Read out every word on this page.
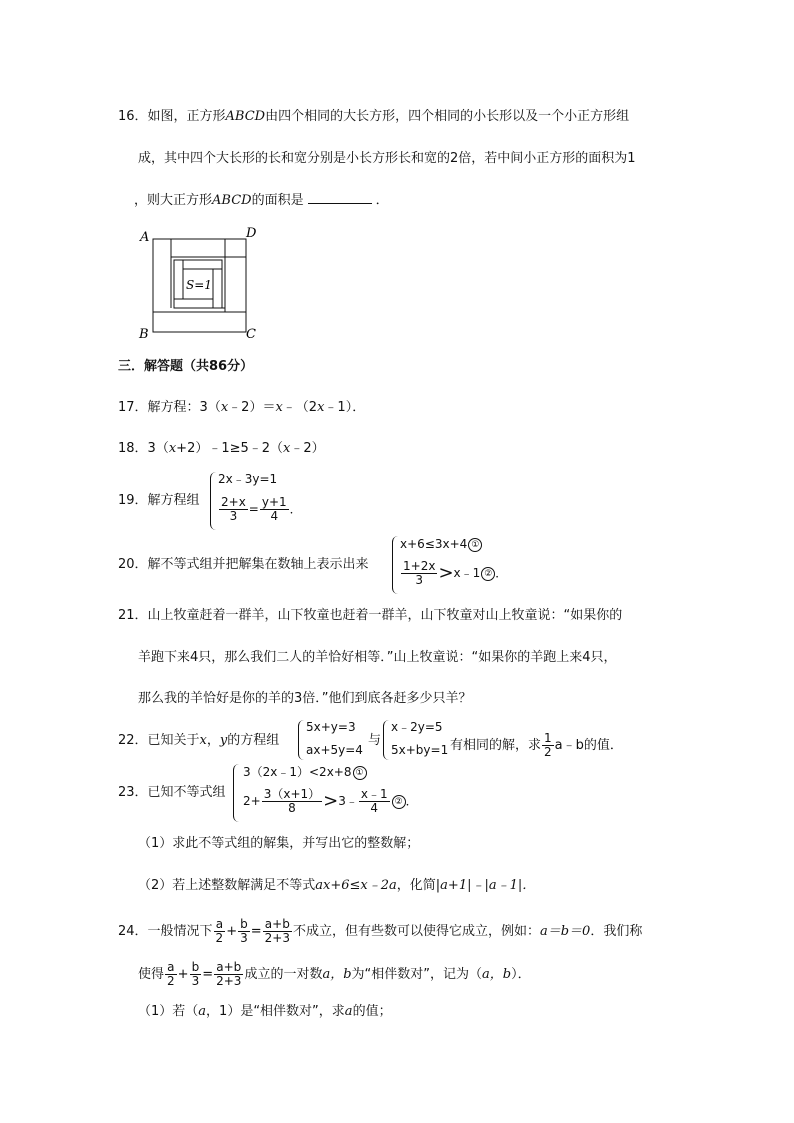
16．如图，正方形ABCD由四个相同的大长方形，四个相同的小长形以及一个小正方形组
成，其中四个大长形的长和宽分别是小长方形长和宽的2倍，若中间小正方形的面积为1
，则大正方形ABCD的面积是	．
A	D
B	C
S=1
三．解答题（共86分）
17．解方程：3（x﹣2）＝x﹣（2x﹣1）．
18．3（x+2）﹣1≥5﹣2（x﹣2）
19．解方程组
2x﹣3y=1
$\frac{2+x}{3} = \frac{y+1}{4}$ ．
20．解不等式组并把解集在数轴上表示出来
x+6≤3x+4 ①
$\frac{1+2x}{3}$ >x﹣1 ② ．
21．山上牧童赶着一群羊，山下牧童也赶着一群羊，山下牧童对山上牧童说：“如果你的
羊跑下来4只，那么我们二人的羊恰好相等．”山上牧童说：“如果你的羊跑上来4只，
那么我的羊恰好是你的羊的3倍．”他们到底各赶多少只羊？
22．已知关于x，y的方程组
5x+y=3
ax+5y=4
与
x﹣2y=5
5x+by=1 有相同的解，求 $\frac{1}{2}$ a﹣b的值．
23．已知不等式组
3（2x﹣1）<2x+8 ①
$2+ \frac{3(x+1)}{8}$ >3﹣ $\frac{x﹣1}{4}$ ② ．
（1）求此不等式组的解集，并写出它的整数解；
（2）若上述整数解满足不等式ax+6≤x﹣2a，化简|a+1|﹣|a﹣1|．
24．一般情况下 $\frac{a}{2} + \frac{b}{3} = \frac{a+b}{2+3}$ 不成立，但有些数可以使得它成立，例如：a＝b＝0．我们称
使得 $\frac{a}{2} + \frac{b}{3} = \frac{a+b}{2+3}$ 成立的一对数a，b为“相伴数对”，记为（a，b）．
（1）若（a，1）是“相伴数对”，求a的值；
